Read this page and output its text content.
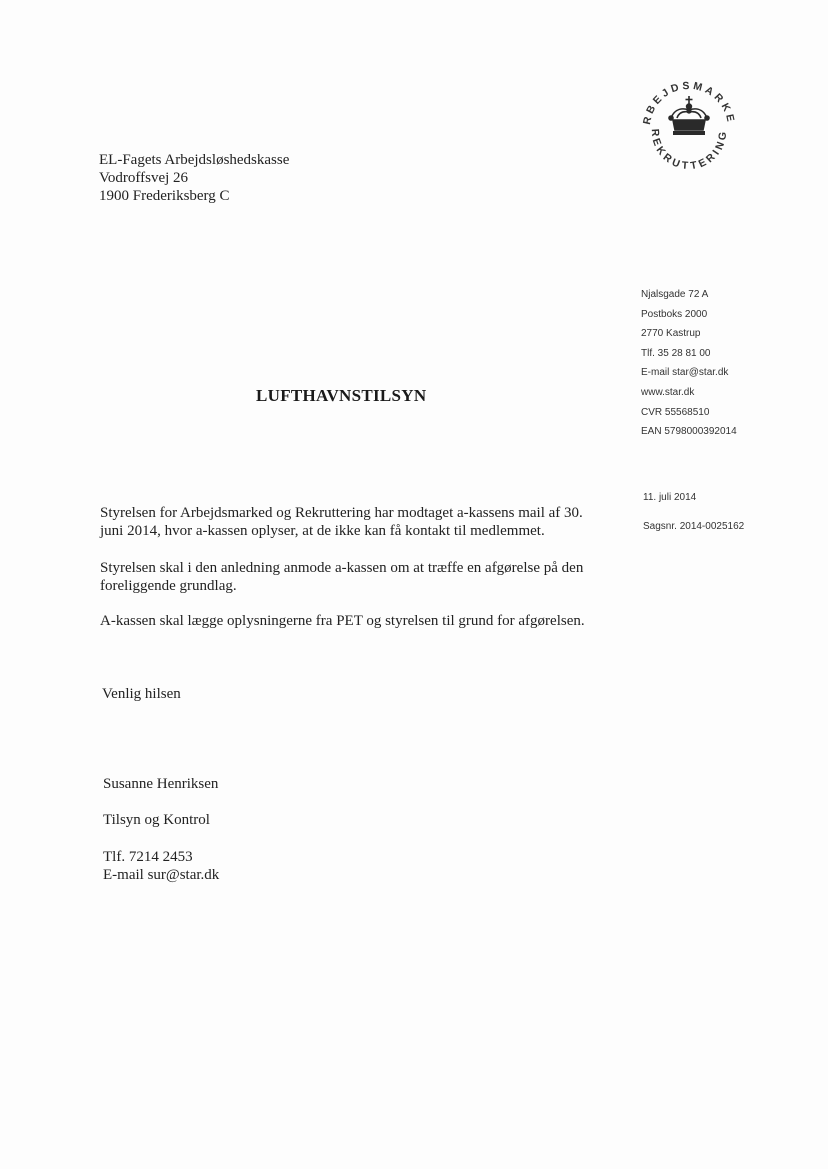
RBEJDSMARKE
REKRUTTERING
EL-Fagets Arbejdsløshedskasse
Vodroffsvej 26
1900 Frederiksberg C
Njalsgade 72 A
Postboks 2000
2770 Kastrup
Tlf. 35 28 81 00
E-mail star@star.dk
www.star.dk
CVR 55568510
EAN 5798000392014
11. juli 2014
Sagsnr. 2014-0025162
LUFTHAVNSTILSYN
Styrelsen for Arbejdsmarked og Rekruttering har modtaget a-kassens mail af 30.
juni 2014, hvor a-kassen oplyser, at de ikke kan få kontakt til medlemmet.
Styrelsen skal i den anledning anmode a-kassen om at træffe en afgørelse på den
foreliggende grundlag.
A-kassen skal lægge oplysningerne fra PET og styrelsen til grund for afgørelsen.
Venlig hilsen
Susanne Henriksen
Tilsyn og Kontrol
Tlf. 7214 2453
E-mail sur@star.dk
